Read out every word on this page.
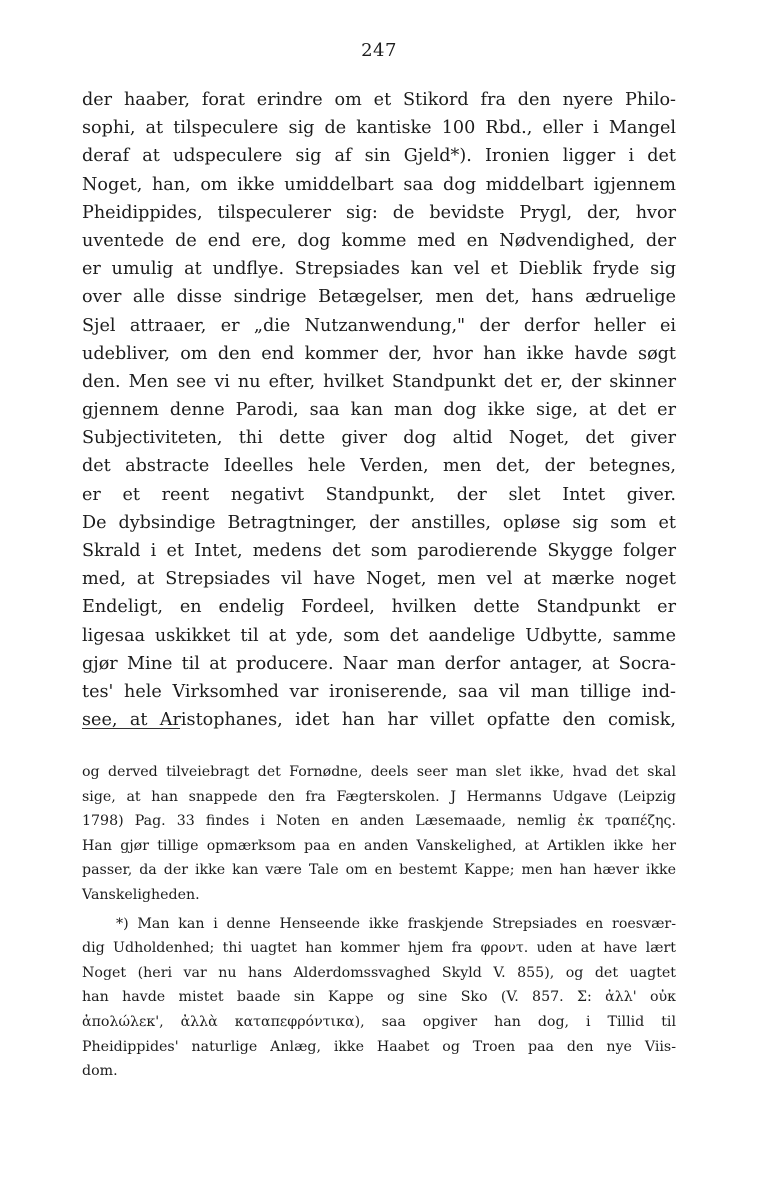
247
der haaber, forat erindre om et Stikord fra den nyere Philo-
sophi, at tilspeculere sig de kantiske 100 Rbd., eller i Mangel
deraf at udspeculere sig af sin Gjeld*). Ironien ligger i det
Noget, han, om ikke umiddelbart saa dog middelbart igjennem
Pheidippides, tilspeculerer sig: de bevidste Prygl, der, hvor
uventede de end ere, dog komme med en Nødvendighed, der
er umulig at undflye. Strepsiades kan vel et Dieblik fryde sig
over alle disse sindrige Betægelser, men det, hans ædruelige
Sjel attraaer, er „die Nutzanwendung," der derfor heller ei
udebliver, om den end kommer der, hvor han ikke havde søgt
den. Men see vi nu efter, hvilket Standpunkt det er, der skinner
gjennem denne Parodi, saa kan man dog ikke sige, at det er
Subjectiviteten, thi dette giver dog altid Noget, det giver
det abstracte Ideelles hele Verden, men det, der betegnes,
er et reent negativt Standpunkt, der slet Intet giver.
De dybsindige Betragtninger, der anstilles, opløse sig som et
Skrald i et Intet, medens det som parodierende Skygge folger
med, at Strepsiades vil have Noget, men vel at mærke noget
Endeligt, en endelig Fordeel, hvilken dette Standpunkt er
ligesaa uskikket til at yde, som det aandelige Udbytte, samme
gjør Mine til at producere. Naar man derfor antager, at Socra-
tes' hele Virksomhed var ironiserende, saa vil man tillige ind-
see, at Aristophanes, idet han har villet opfatte den comisk,
og derved tilveiebragt det Fornødne, deels seer man slet ikke, hvad det skal
sige, at han snappede den fra Fægterskolen. J Hermanns Udgave (Leipzig
1798) Pag. 33 findes i Noten en anden Læsemaade, nemlig ἐκ τραπέζης.
Han gjør tillige opmærksom paa en anden Vanskelighed, at Artiklen ikke her
passer, da der ikke kan være Tale om en bestemt Kappe; men han hæver ikke
Vanskeligheden.
*) Man kan i denne Henseende ikke fraskjende Strepsiades en roesvær-
dig Udholdenhed; thi uagtet han kommer hjem fra φροντ. uden at have lært
Noget (heri var nu hans Alderdomssvaghed Skyld V. 855), og det uagtet
han havde mistet baade sin Kappe og sine Sko (V. 857. Σ: ἀλλ' οὐκ
ἀπολώλεκ', ἀλλὰ καταπεφρόντικα), saa opgiver han dog, i Tillid til
Pheidippides' naturlige Anlæg, ikke Haabet og Troen paa den nye Viis-
dom.
